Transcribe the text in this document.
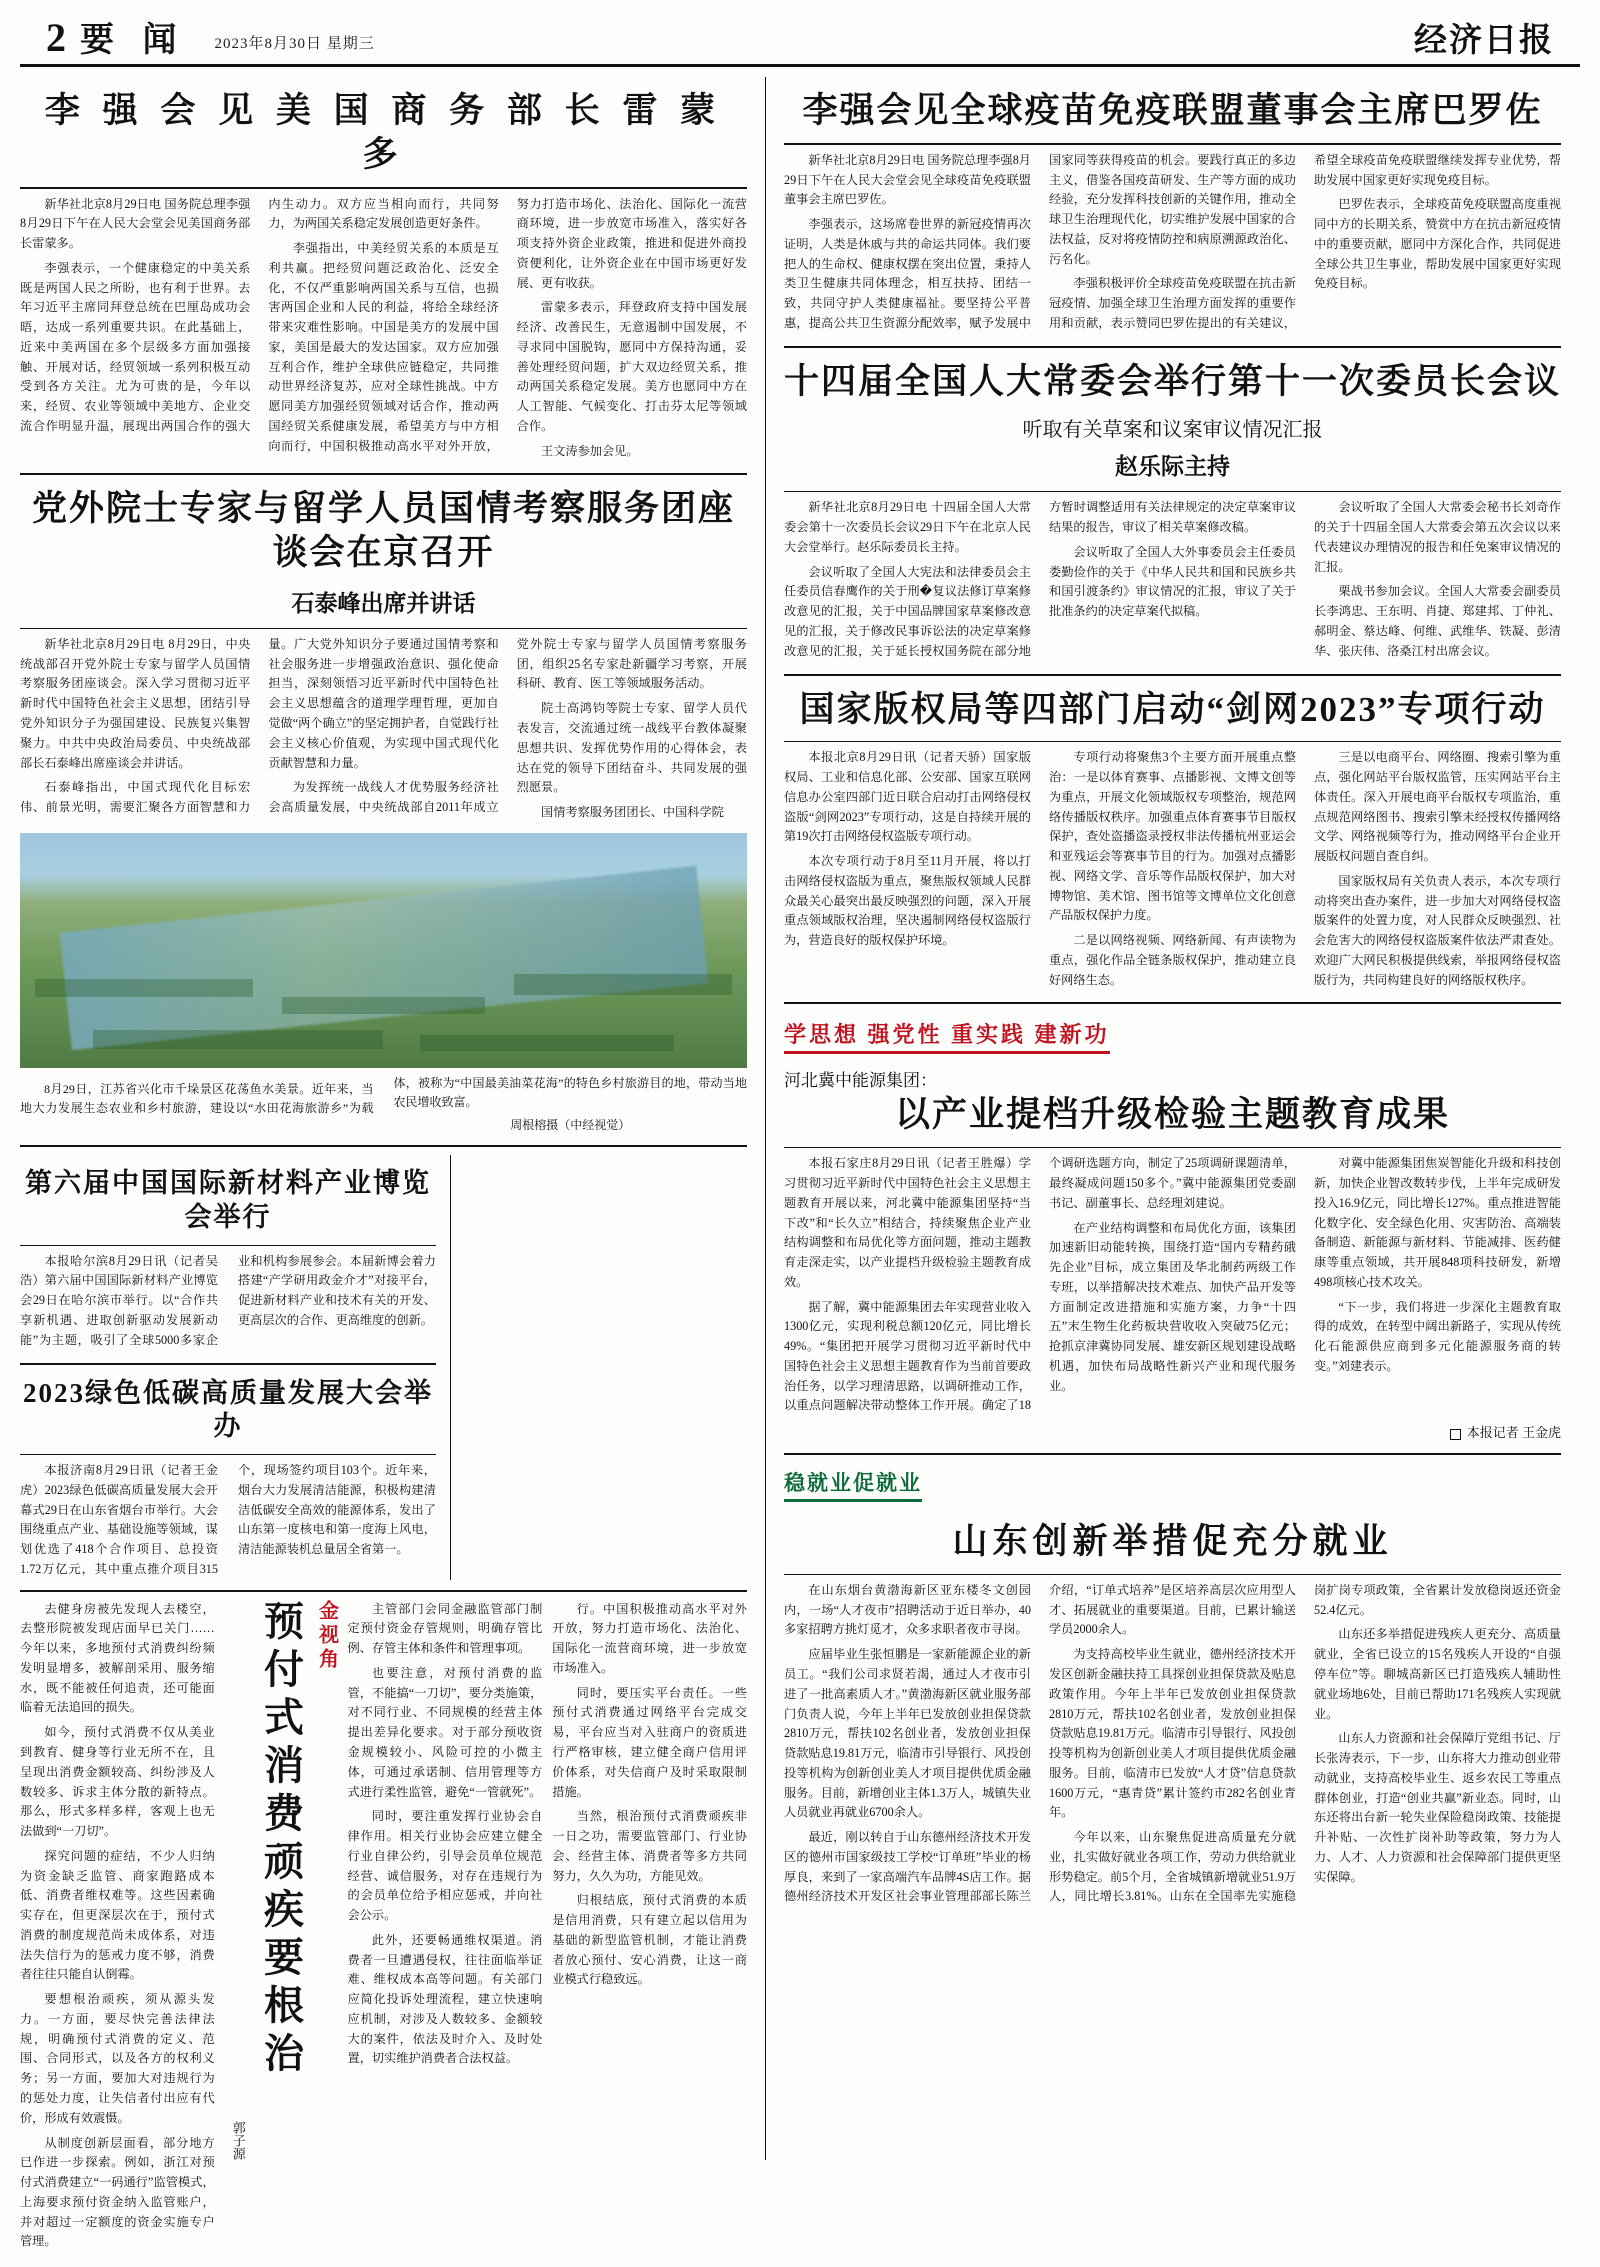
2 要 闻 2023年8月30日 星期三	经济日报
李 强 会 见 美 国 商 务 部 长 雷 蒙 多

新华社北京8月29日电 国务院总理李强8月29日下午在人民大会堂会见美国商务部长雷蒙多。

李强表示，一个健康稳定的中美关系既是两国人民之所盼，也有利于世界。去年习近平主席同拜登总统在巴厘岛成功会晤，达成一系列重要共识。在此基础上，近来中美两国在多个层级多方面加强接触、开展对话，经贸领域一系列积极互动受到各方关注。尤为可贵的是，今年以来，经贸、农业等领域中美地方、企业交流合作明显升温，展现出两国合作的强大内生动力。双方应当相向而行，共同努力，为两国关系稳定发展创造更好条件。

李强指出，中美经贸关系的本质是互利共赢。把经贸问题泛政治化、泛安全化，不仅严重影响两国关系与互信，也损害两国企业和人民的利益，将给全球经济带来灾难性影响。中国是美方的发展中国家，美国是最大的发达国家。双方应加强互利合作，维护全球供应链稳定，共同推动世界经济复苏，应对全球性挑战。中方愿同美方加强经贸领域对话合作，推动两国经贸关系健康发展，希望美方与中方相向而行，中国积极推动高水平对外开放，努力打造市场化、法治化、国际化一流营商环境，进一步放宽市场准入，落实好各项支持外资企业政策，推进和促进外商投资便利化，让外资企业在中国市场更好发展、更有收获。

雷蒙多表示，拜登政府支持中国发展经济、改善民生，无意遏制中国发展，不寻求同中国脱钩，愿同中方保持沟通，妥善处理经贸问题，扩大双边经贸关系，推动两国关系稳定发展。美方也愿同中方在人工智能、气候变化、打击芬太尼等领域合作。

王文涛参加会见。

党外院士专家与留学人员国情考察服务团座谈会在京召开
石泰峰出席并讲话

新华社北京8月29日电 8月29日，中央统战部召开党外院士专家与留学人员国情考察服务团座谈会。深入学习贯彻习近平新时代中国特色社会主义思想，团结引导党外知识分子为强国建设、民族复兴集智聚力。中共中央政治局委员、中央统战部部长石泰峰出席座谈会并讲话。

石泰峰指出，中国式现代化目标宏伟、前景光明，需要汇聚各方面智慧和力量。广大党外知识分子要通过国情考察和社会服务进一步增强政治意识、强化使命担当，深刻领悟习近平新时代中国特色社会主义思想蕴含的道理学理哲理，更加自觉做“两个确立”的坚定拥护者，自觉践行社会主义核心价值观，为实现中国式现代化贡献智慧和力量。

为发挥统一战线人才优势服务经济社会高质量发展，中央统战部自2011年成立党外院士专家与留学人员国情考察服务团，组织25名专家赴新疆学习考察，开展科研、教育、医工等领域服务活动。

院士高鸿钧等院士专家、留学人员代表发言，交流通过统一战线平台教体凝聚思想共识、发挥优势作用的心得体会，表达在党的领导下团结奋斗、共同发展的强烈愿景。

国情考察服务团团长、中国科学院

8月29日，江苏省兴化市千垛景区花荡鱼水美景。近年来，当地大力发展生态农业和乡村旅游，建设以“水田花海旅游乡”为载体，被称为“中国最美油菜花海”的特色乡村旅游目的地，带动当地农民增收致富。

周根榕摄（中经视觉）

第六届中国国际新材料产业博览会举行

本报哈尔滨8月29日讯（记者吴浩）第六届中国国际新材料产业博览会29日在哈尔滨市举行。以“合作共享新机遇、进取创新驱动发展新动能”为主题，吸引了全球5000多家企业和机构参展参会。本届新博会着力搭建“产学研用政金介才”对接平台，促进新材料产业和技术有关的开发、更高层次的合作、更高维度的创新。

2023绿色低碳高质量发展大会举办

本报济南8月29日讯（记者王金虎）2023绿色低碳高质量发展大会开幕式29日在山东省烟台市举行。大会围绕重点产业、基础设施等领域，谋划优选了418个合作项目、总投资1.72万亿元，其中重点推介项目315个，现场签约项目103个。近年来，烟台大力发展清洁能源，积极构建清洁低碳安全高效的能源体系，发出了山东第一度核电和第一度海上风电，清洁能源装机总量居全省第一。

去健身房被先发现人去楼空，去整形院被发现店面早已关门……今年以来，多地预付式消费纠纷频发明显增多，被解剖采用、服务缩水，既不能被任何追责，还可能面临着无法追回的损失。

如今，预付式消费不仅从美业到教育、健身等行业无所不在，且呈现出消费金额较高、纠纷涉及人数较多、诉求主体分散的新特点。那么，形式多样多样，客观上也无法做到“一刀切”。

探究问题的症结，不少人归纳为资金缺乏监管、商家跑路成本低、消费者维权难等。这些因素确实存在，但更深层次在于，预付式消费的制度规范尚未成体系，对违法失信行为的惩戒力度不够，消费者往往只能自认倒霉。

要想根治顽疾，须从源头发力。一方面，要尽快完善法律法规，明确预付式消费的定义、范围、合同形式，以及各方的权利义务；另一方面，要加大对违规行为的惩处力度，让失信者付出应有代价，形成有效震慑。

从制度创新层面看，部分地方已作进一步探索。例如，浙江对预付式消费建立“一码通行”监管模式，上海要求预付资金纳入监管账户，并对超过一定额度的资金实施专户管理。

郭子源
预付式消费顽疾要根治 金视角	主管部门会同金融监管部门制定预付资金存管规则，明确存管比例、存管主体和条件和管理事项。

也要注意，对预付消费的监管，不能搞“一刀切”，要分类施策，对不同行业、不同规模的经营主体提出差异化要求。对于部分预收资金规模较小、风险可控的小微主体，可通过承诺制、信用管理等方式进行柔性监管，避免“一管就死”。

同时，要注重发挥行业协会自律作用。相关行业协会应建立健全行业自律公约，引导会员单位规范经营、诚信服务，对存在违规行为的会员单位给予相应惩戒，并向社会公示。

此外，还要畅通维权渠道。消费者一旦遭遇侵权，往往面临举证难、维权成本高等问题。有关部门应简化投诉处理流程，建立快速响应机制，对涉及人数较多、金额较大的案件，依法及时介入、及时处置，切实维护消费者合法权益。

行。中国积极推动高水平对外开放，努力打造市场化、法治化、国际化一流营商环境，进一步放宽市场准入。

同时，要压实平台责任。一些预付式消费通过网络平台完成交易，平台应当对入驻商户的资质进行严格审核，建立健全商户信用评价体系，对失信商户及时采取限制措施。

当然，根治预付式消费顽疾非一日之功，需要监管部门、行业协会、经营主体、消费者等多方共同努力，久久为功，方能见效。

归根结底，预付式消费的本质是信用消费，只有建立起以信用为基础的新型监管机制，才能让消费者放心预付、安心消费，让这一商业模式行稳致远。

李强会见全球疫苗免疫联盟董事会主席巴罗佐

新华社北京8月29日电 国务院总理李强8月29日下午在人民大会堂会见全球疫苗免疫联盟董事会主席巴罗佐。

李强表示，这场席卷世界的新冠疫情再次证明，人类是休戚与共的命运共同体。我们要把人的生命权、健康权摆在突出位置，秉持人类卫生健康共同体理念，相互扶持、团结一致，共同守护人类健康福祉。要坚持公平普惠，提高公共卫生资源分配效率，赋予发展中国家同等获得疫苗的机会。要践行真正的多边主义，借鉴各国疫苗研发、生产等方面的成功经验，充分发挥科技创新的关键作用，推动全球卫生治理现代化，切实维护发展中国家的合法权益，反对将疫情防控和病原溯源政治化、污名化。

李强积极评价全球疫苗免疫联盟在抗击新冠疫情、加强全球卫生治理方面发挥的重要作用和贡献，表示赞同巴罗佐提出的有关建议，希望全球疫苗免疫联盟继续发挥专业优势，帮助发展中国家更好实现免疫目标。

巴罗佐表示，全球疫苗免疫联盟高度重视同中方的长期关系，赞赏中方在抗击新冠疫情中的重要贡献，愿同中方深化合作，共同促进全球公共卫生事业，帮助发展中国家更好实现免疫目标。

十四届全国人大常委会举行第十一次委员长会议
听取有关草案和议案审议情况汇报
赵乐际主持

新华社北京8月29日电 十四届全国人大常委会第十一次委员长会议29日下午在北京人民大会堂举行。赵乐际委员长主持。

会议听取了全国人大宪法和法律委员会主任委员信春鹰作的关于刑�复议法修订草案修改意见的汇报，关于中国品牌国家草案修改意见的汇报，关于修改民事诉讼法的决定草案修改意见的汇报，关于延长授权国务院在部分地方暂时调整适用有关法律规定的决定草案审议结果的报告，审议了相关草案修改稿。

会议听取了全国人大外事委员会主任委员娄勤俭作的关于《中华人民共和国和民族乡共和国引渡条约》审议情况的汇报，审议了关于批准条约的决定草案代拟稿。

会议听取了全国人大常委会秘书长刘奇作的关于十四届全国人大常委会第五次会议以来代表建议办理情况的报告和任免案审议情况的汇报。

栗战书参加会议。全国人大常委会副委员长李鸿忠、王东明、肖捷、郑建邦、丁仲礼、郝明金、蔡达峰、何维、武维华、铁凝、彭清华、张庆伟、洛桑江村出席会议。

国家版权局等四部门启动“剑网2023”专项行动

本报北京8月29日讯（记者天骄）国家版权局、工业和信息化部、公安部、国家互联网信息办公室四部门近日联合启动打击网络侵权盗版“剑网2023”专项行动，这是自持续开展的第19次打击网络侵权盗版专项行动。

本次专项行动于8月至11月开展，将以打击网络侵权盗版为重点，聚焦版权领域人民群众最关心最突出最反映强烈的问题，深入开展重点领域版权治理，坚决遏制网络侵权盗版行为，营造良好的版权保护环境。

专项行动将聚焦3个主要方面开展重点整治：一是以体育赛事、点播影视、文博文创等为重点，开展文化领域版权专项整治，规范网络传播版权秩序。加强重点体育赛事节目版权保护，查处盗播盗录授权非法传播杭州亚运会和亚残运会等赛事节目的行为。加强对点播影视、网络文学、音乐等作品版权保护，加大对博物馆、美术馆、图书馆等文博单位文化创意产品版权保护力度。

二是以网络视频、网络新闻、有声读物为重点，强化作品全链条版权保护，推动建立良好网络生态。

三是以电商平台、网络圈、搜索引擎为重点，强化网站平台版权监管，压实网站平台主体责任。深入开展电商平台版权专项监治，重点规范网络图书、搜索引擎未经授权传播网络文学、网络视频等行为，推动网络平台企业开展版权问题自查自纠。

国家版权局有关负责人表示，本次专项行动将突出查办案件，进一步加大对网络侵权盗版案件的处置力度，对人民群众反映强烈、社会危害大的网络侵权盗版案件依法严肃查处。欢迎广大网民积极提供线索，举报网络侵权盗版行为，共同构建良好的网络版权秩序。

学思想 强党性 重实践 建新功
河北冀中能源集团：
以产业提档升级检验主题教育成果

本报石家庄8月29日讯（记者王胜爆）学习贯彻习近平新时代中国特色社会主义思想主题教育开展以来，河北冀中能源集团坚持“当下改”和“长久立”相结合，持续聚焦企业产业结构调整和布局优化等方面问题，推动主题教育走深走实，以产业提档升级检验主题教育成效。

据了解，冀中能源集团去年实现营业收入1300亿元，实现利税总额120亿元，同比增长49%。“集团把开展学习贯彻习近平新时代中国特色社会主义思想主题教育作为当前首要政治任务，以学习理清思路，以调研推动工作，以重点问题解决带动整体工作开展。确定了18个调研选题方向，制定了25项调研课题清单，最终凝成问题150多个。”冀中能源集团党委副书记、副董事长、总经理刘建说。

在产业结构调整和布局优化方面，该集团加速新旧动能转换，围绕打造“国内专精药硪先企业”目标，成立集团及华北制药两级工作专班，以举措解决技术难点、加快产品开发等方面制定改进措施和实施方案，力争“十四五”末生物生化药板块营收收入突破75亿元；抢抓京津冀协同发展、雄安新区规划建设战略机遇，加快布局战略性新兴产业和现代服务业。

对冀中能源集团焦炭智能化升级和科技创新，加快企业智改数转步伐，上半年完成研发投入16.9亿元，同比增长127%。重点推进智能化数字化、安全绿色化用、灾害防治、高端装备制造、新能源与新材料、节能减排、医药健康等重点领域，共开展848项科技研发，新增498项核心技术攻关。

“下一步，我们将进一步深化主题教育取得的成效，在转型中阔出新路子，实现从传统化石能源供应商到多元化能源服务商的转变。”刘建表示。

本报记者 王金虎
稳就业促就业
山东创新举措促充分就业

在山东烟台黄渤海新区亚东楼冬文创园内，一场“人才夜市”招聘活动于近日举办，40多家招聘方挑灯觅才，众多求职者夜市寻岗。

应届毕业生张恒鹏是一家新能源企业的新员工。“我们公司求贤若渴，通过人才夜市引进了一批高素质人才。”黄渤海新区就业服务部门负责人说，今年上半年已发放创业担保贷款2810万元，帮扶102名创业者，发放创业担保贷款贴息19.81万元，临清市引导银行、风投创投等机构为创新创业美人才项目提供优质金融服务。目前，新增创业主体1.3万人，城镇失业人员就业再就业6700余人。

最近，刚以转自于山东德州经济技术开发区的德州市国家级技工学校“订单班”毕业的杨厚良，来到了一家高端汽车品牌4S店工作。据德州经济技术开发区社会事业管理部部长陈兰介绍，“订单式培养”是区培养高层次应用型人才、拓展就业的重要渠道。目前，已累计输送学员2000余人。

为支持高校毕业生就业，德州经济技术开发区创新金融扶持工具探创业担保贷款及贴息政策作用。今年上半年已发放创业担保贷款2810万元，帮扶102名创业者，发放创业担保贷款贴息19.81万元。临清市引导银行、风投创投等机构为创新创业美人才项目提供优质金融服务。目前，临清市已发放“人才贷”信息贷款1600万元，“惠青贷”累计签约市282名创业青年。

今年以来，山东聚焦促进高质量充分就业，扎实做好就业各项工作，劳动力供给就业形势稳定。前5个月，全省城镇新增就业51.9万人，同比增长3.81%。山东在全国率先实施稳岗扩岗专项政策，全省累计发放稳岗返还资金52.4亿元。

山东还多举措促进残疾人更充分、高质量就业，全省已设立的15名残疾人开设的“自强停车位”等。聊城高新区已打造残疾人辅助性就业场地6处，目前已帮助171名残疾人实现就业。

山东人力资源和社会保障厅党组书记、厅长张涛表示，下一步，山东将大力推动创业带动就业，支持高校毕业生、返乡农民工等重点群体创业，打造“创业共赢”新业态。同时，山东还将出台新一轮失业保险稳岗政策、技能提升补贴、一次性扩岗补助等政策，努力为人力、人才、人力资源和社会保障部门提供更坚实保障。
